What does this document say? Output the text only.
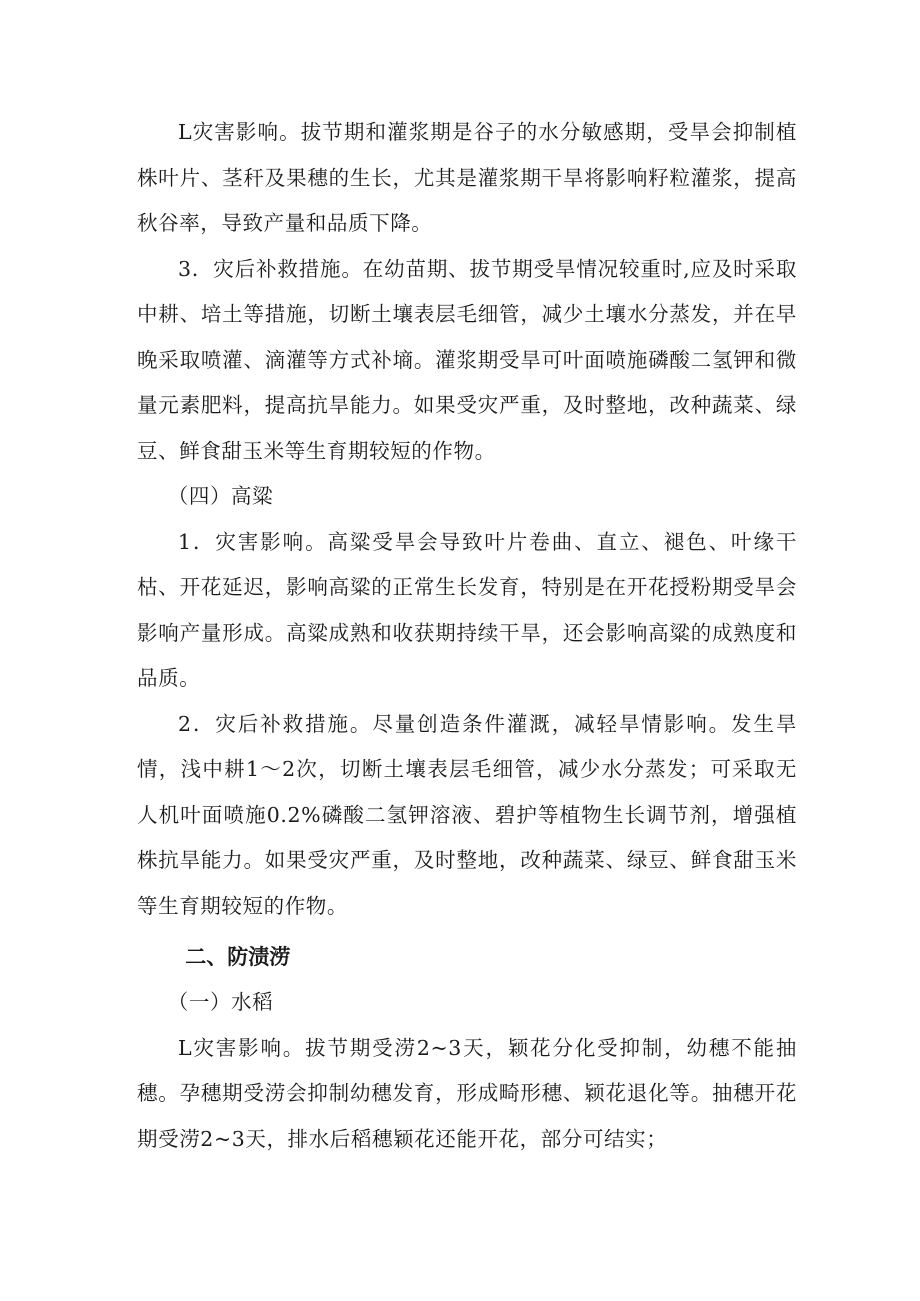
L灾害影响。拔节期和灌浆期是谷子的水分敏感期，受旱会抑制植株叶片、茎秆及果穗的生长，尤其是灌浆期干旱将影响籽粒灌浆，提高秋谷率，导致产量和品质下降。

3．灾后补救措施。在幼苗期、拔节期受旱情况较重时,应及时采取中耕、培土等措施，切断土壤表层毛细管，减少土壤水分蒸发，并在早晚采取喷灌、滴灌等方式补墒。灌浆期受旱可叶面喷施磷酸二氢钾和微量元素肥料，提高抗旱能力。如果受灾严重，及时整地，改种蔬菜、绿豆、鲜食甜玉米等生育期较短的作物。

（四）高粱

1．灾害影响。高粱受旱会导致叶片卷曲、直立、褪色、叶缘干枯、开花延迟，影响高粱的正常生长发育，特别是在开花授粉期受旱会影响产量形成。高粱成熟和收获期持续干旱，还会影响高粱的成熟度和品质。

2．灾后补救措施。尽量创造条件灌溉，减轻旱情影响。发生旱情，浅中耕1～2次，切断土壤表层毛细管，减少水分蒸发；可采取无人机叶面喷施0.2%磷酸二氢钾溶液、碧护等植物生长调节剂，增强植株抗旱能力。如果受灾严重，及时整地，改种蔬菜、绿豆、鲜食甜玉米等生育期较短的作物。

二、防渍涝

（一）水稻

L灾害影响。拔节期受涝2~3天，颖花分化受抑制，幼穗不能抽穗。孕穗期受涝会抑制幼穗发育，形成畸形穗、颖花退化等。抽穗开花期受涝2~3天，排水后稻穗颖花还能开花，部分可结实；
